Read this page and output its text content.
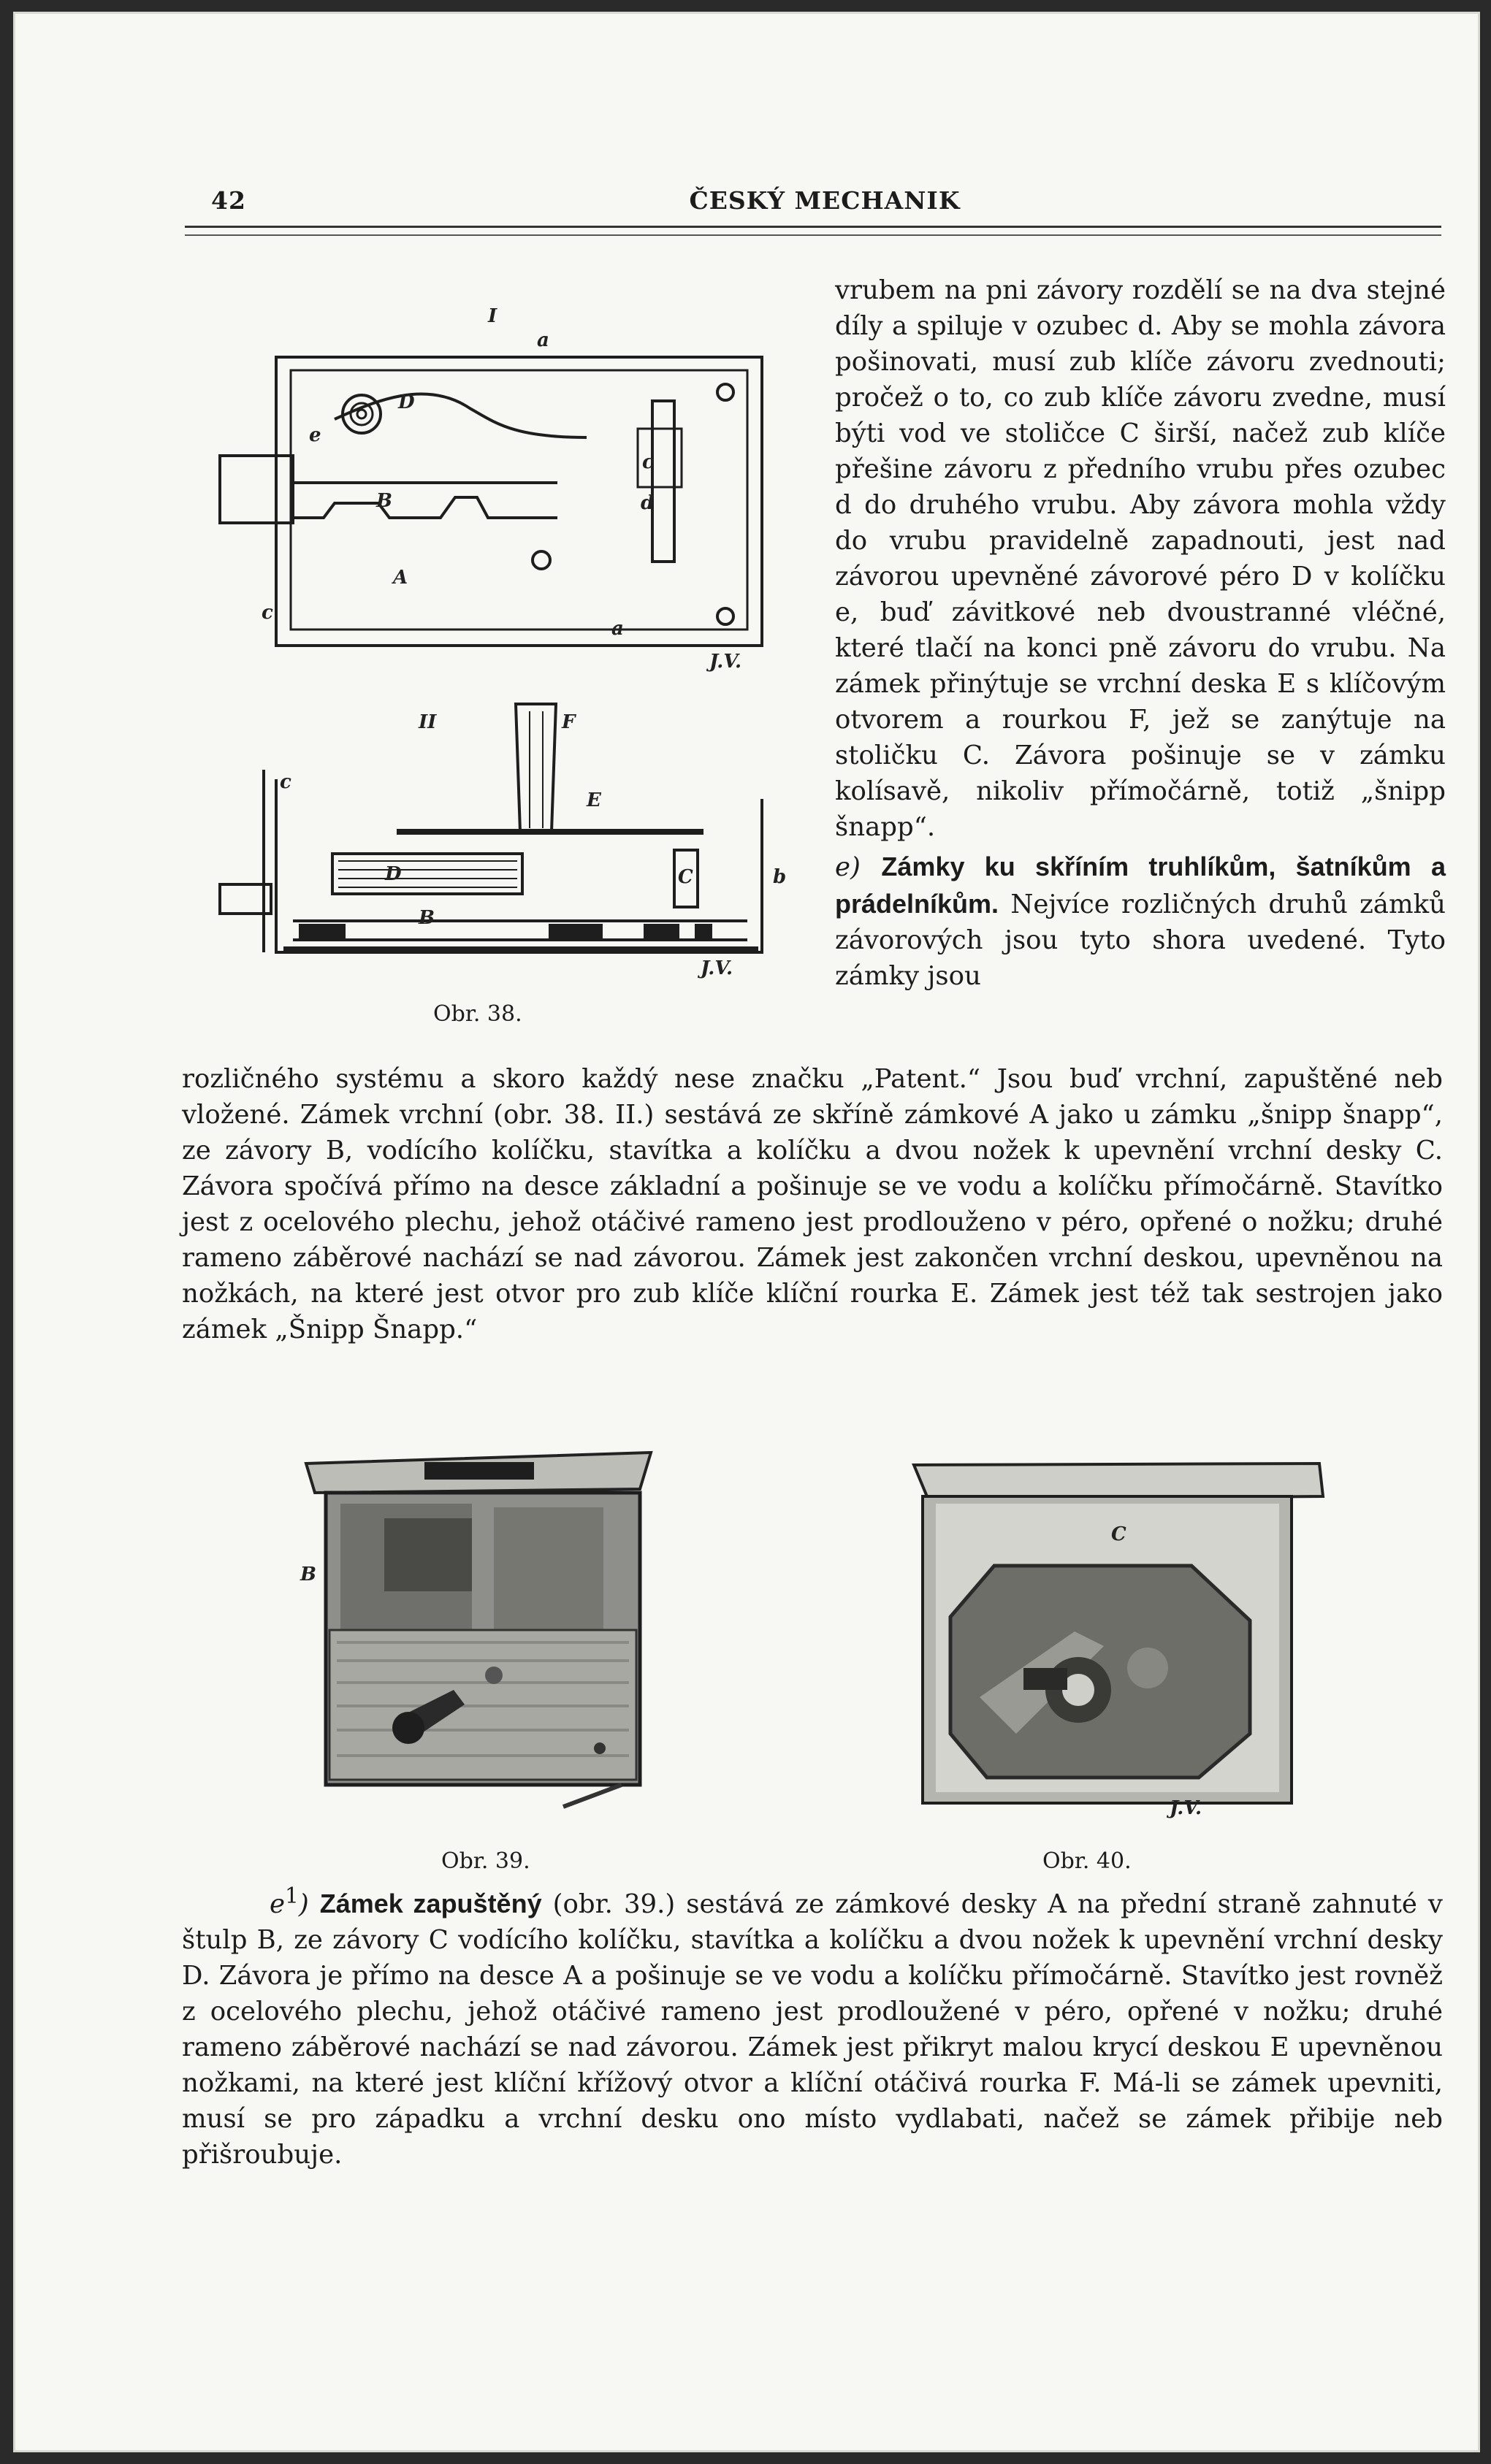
42	ČESKÝ MECHANIK
I
a
D
e
B
c
A
c
a
d
J.V.
II
c
F
E
D
B
C	b
J.V.
Obr. 38.

vrubem na pni závory rozdělí se na dva stejné díly a spiluje v ozubec d. Aby se mohla závora pošinovati, musí zub klíče závoru zvednouti; pročež o to, co zub klíče závoru zvedne, musí býti vod ve stoličce C širší, načež zub klíče přešine závoru z předního vrubu přes ozubec d do druhého vrubu. Aby závora mohla vždy do vrubu pravidelně zapadnouti, jest nad závorou upevněné závorové péro D v kolíčku e, buď závitkové neb dvoustranné vléčné, které tlačí na konci pně závoru do vrubu. Na zámek přinýtuje se vrchní deska E s klíčovým otvorem a rourkou F, jež se zanýtuje na stoličku C. Závora pošinuje se v zámku kolísavě, nikoliv přímočárně, totiž „šnipp šnapp“.

e) Zámky ku skříním truhlíkům, šatníkům a prádelníkům. Nejvíce rozličných druhů zámků závorových jsou tyto shora uvedené. Tyto zámky jsou

rozličného systému a skoro každý nese značku „Patent.“ Jsou buď vrchní, zapuštěné neb vložené. Zámek vrchní (obr. 38. II.) sestává ze skříně zámkové A jako u zámku „šnipp šnapp“, ze závory B, vodícího kolíčku, stavítka a kolíčku a dvou nožek k upevnění vrchní desky C. Závora spočívá přímo na desce základní a pošinuje se ve vodu a kolíčku přímočárně. Stavítko jest z ocelového plechu, jehož otáčivé rameno jest prodlouženo v péro, opřené o nožku; druhé rameno záběrové nachází se nad závorou. Zámek jest zakončen vrchní deskou, upevněnou na nožkách, na které jest otvor pro zub klíče klíční rourka E. Zámek jest též tak sestrojen jako zámek „Šnipp Šnapp.“

B
Obr. 39.
C
J.V.
Obr. 40.

$e^1$) Zámek zapuštěný (obr. 39.) sestává ze zámkové desky A na přední straně zahnuté v štulp B, ze závory C vodícího kolíčku, stavítka a kolíčku a dvou nožek k upevnění vrchní desky D. Závora je přímo na desce A a pošinuje se ve vodu a kolíčku přímočárně. Stavítko jest rovněž z ocelového plechu, jehož otáčivé rameno jest prodloužené v péro, opřené v nožku; druhé rameno záběrové nachází se nad závorou. Zámek jest přikryt malou krycí deskou E upevněnou nožkami, na které jest klíční křížový otvor a klíční otáčivá rourka F. Má-li se zámek upevniti, musí se pro západku a vrchní desku ono místo vydlabati, načež se zámek přibije neb přišroubuje.
